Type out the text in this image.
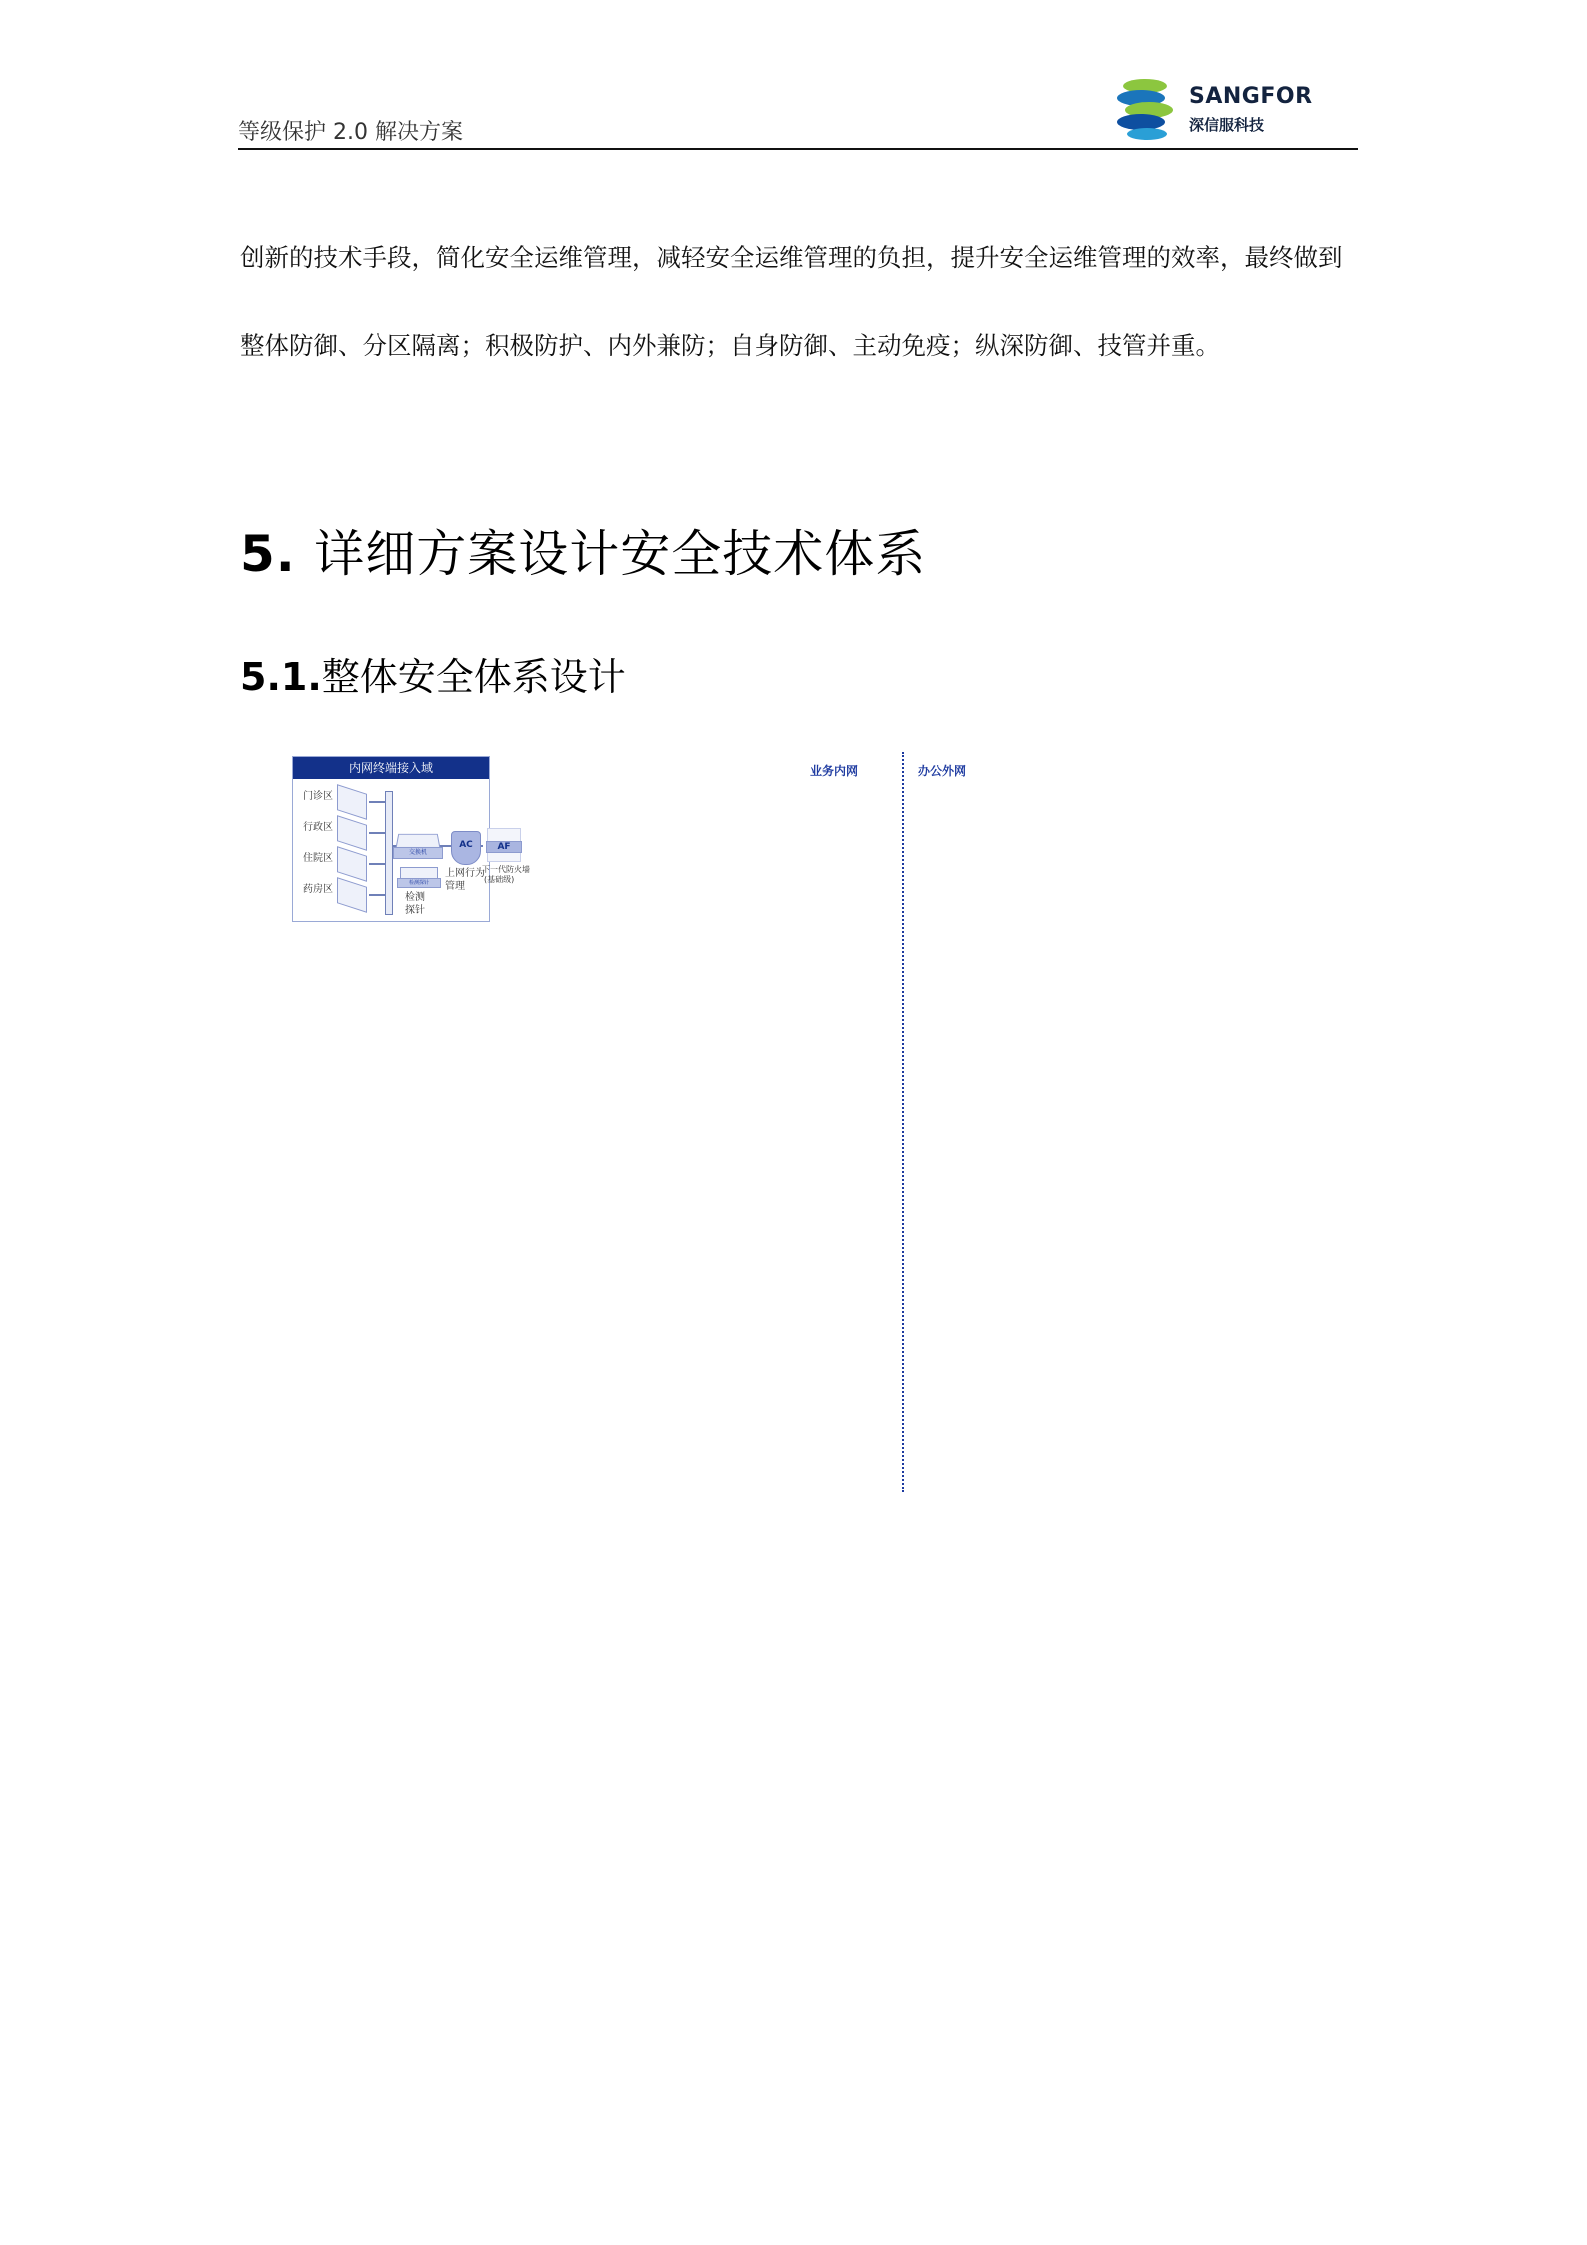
等级保护 2.0 解决方案
SANGFOR
深信服科技
创新的技术手段，简化安全运维管理，减轻安全运维管理的负担，提升安全运维管理的效率，最终做到整体防御、分区隔离；积极防护、内外兼防；自身防御、主动免疫；纵深防御、技管并重。
5. 详细方案设计安全技术体系
5.1.整体安全体系设计
业务内网	办公外网
内网终端接入域
门诊区
行政区
住院区
药房区
交换机
检测探针
检测探针
AC
上网行为管理
AF
下一代防火墙
(基础级)
